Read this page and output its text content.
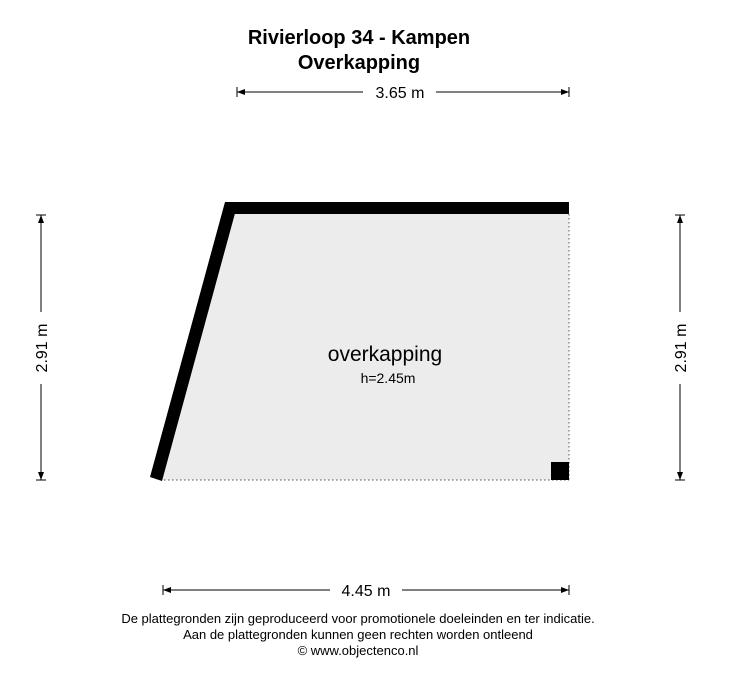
Rivierloop 34 - Kampen
Overkapping
overkapping
h=2.45m
3.65 m
4.45 m
2.91 m	2.91 m
De plattegronden zijn geproduceerd voor promotionele doeleinden en ter indicatie.
Aan de plattegronden kunnen geen rechten worden ontleend
© www.objectenco.nl
